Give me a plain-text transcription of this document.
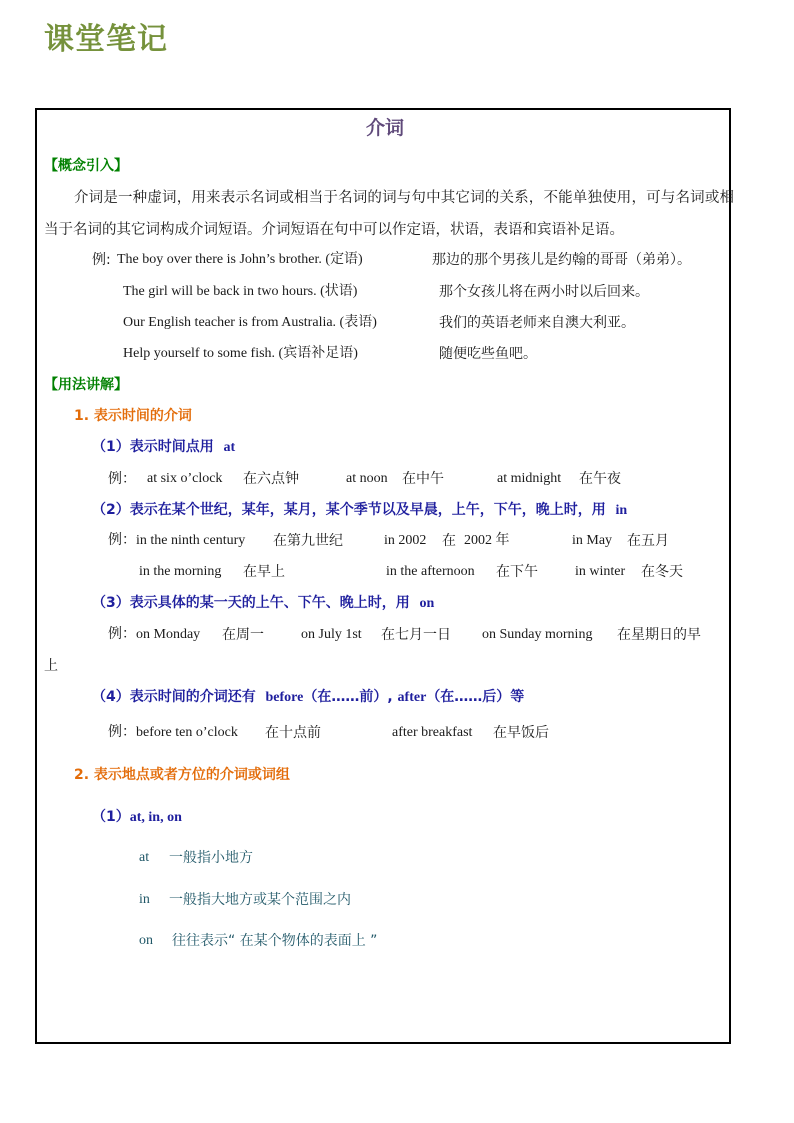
课堂笔记
介词
【概念引入】
介词是一种虚词，用来表示名词或相当于名词的词与句中其它词的关系，不能单独使用，可与名词或相当于名词的其它词构成介词短语。介词短语在句中可以作定语，状语，表语和宾语补足语。
例: The boy over there is John’s brother. (定语)	那边的那个男孩儿是约翰的哥哥（弟弟）。
The girl will be back in two hours. (状语)	那个女孩儿将在两小时以后回来。
Our English teacher is from Australia. (表语)	我们的英语老师来自澳大利亚。
Help yourself to some fish. (宾语补足语)	随便吃些鱼吧。
【用法讲解】
1. 表示时间的介词
（1）表示时间点用 at
例： at six o’clock 在六点钟	at noon 在中午	at midnight 在午夜
（2）表示在某个世纪，某年，某月，某个季节以及早晨，上午，下午，晚上时，用 in
例：in the ninth century 在第九世纪	in 2002 在 2002 年	in May 在五月
in the morning 在早上	in the afternoon 在下午	in winter 在冬天
（3）表示具体的某一天的上午、下午、晚上时，用 on
例：on Monday 在周一	on July 1st 在七月一日 on Sunday morning 在星期日的早
上
（4）表示时间的介词还有 before（在……前）, after（在……后）等
例：before ten o’clock 在十点前	after breakfast 在早饭后
2. 表示地点或者方位的介词或词组
（1）at, in, on
at 一般指小地方
in 一般指大地方或某个范围之内
on 往往表示“ 在某个物体的表面上 ”
